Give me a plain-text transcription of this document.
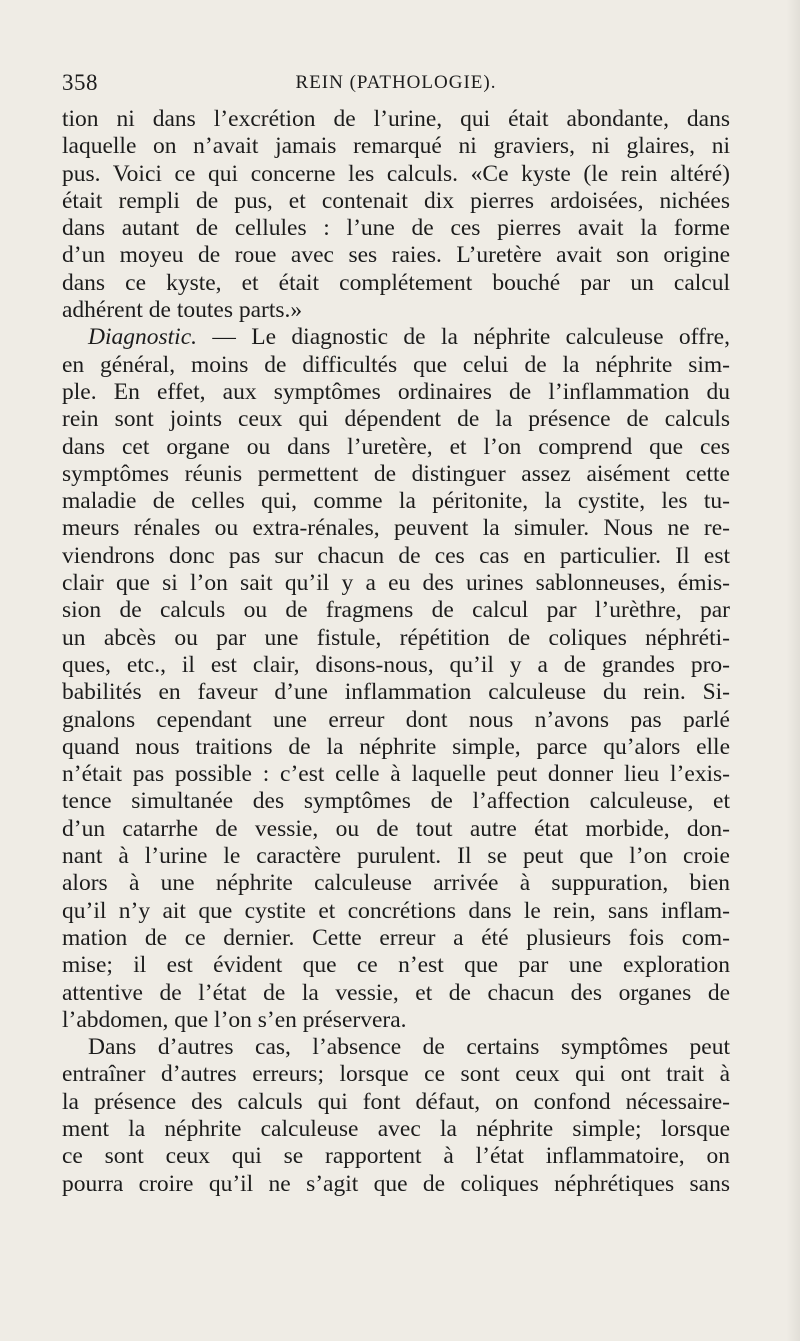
358	REIN (PATHOLOGIE).
tion ni dans l’excrétion de l’urine, qui était abondante, dans
laquelle on n’avait jamais remarqué ni graviers, ni glaires, ni
pus. Voici ce qui concerne les calculs. «Ce kyste (le rein altéré)
était rempli de pus, et contenait dix pierres ardoisées, nichées
dans autant de cellules : l’une de ces pierres avait la forme
d’un moyeu de roue avec ses raies. L’uretère avait son origine
dans ce kyste, et était complétement bouché par un calcul
adhérent de toutes parts.»
Diagnostic. — Le diagnostic de la néphrite calculeuse offre,
en général, moins de difficultés que celui de la néphrite sim-
ple. En effet, aux symptômes ordinaires de l’inflammation du
rein sont joints ceux qui dépendent de la présence de calculs
dans cet organe ou dans l’uretère, et l’on comprend que ces
symptômes réunis permettent de distinguer assez aisément cette
maladie de celles qui, comme la péritonite, la cystite, les tu-
meurs rénales ou extra-rénales, peuvent la simuler. Nous ne re-
viendrons donc pas sur chacun de ces cas en particulier. Il est
clair que si l’on sait qu’il y a eu des urines sablonneuses, émis-
sion de calculs ou de fragmens de calcul par l’urèthre, par
un abcès ou par une fistule, répétition de coliques néphréti-
ques, etc., il est clair, disons-nous, qu’il y a de grandes pro-
babilités en faveur d’une inflammation calculeuse du rein. Si-
gnalons cependant une erreur dont nous n’avons pas parlé
quand nous traitions de la néphrite simple, parce qu’alors elle
n’était pas possible : c’est celle à laquelle peut donner lieu l’exis-
tence simultanée des symptômes de l’affection calculeuse, et
d’un catarrhe de vessie, ou de tout autre état morbide, don-
nant à l’urine le caractère purulent. Il se peut que l’on croie
alors à une néphrite calculeuse arrivée à suppuration, bien
qu’il n’y ait que cystite et concrétions dans le rein, sans inflam-
mation de ce dernier. Cette erreur a été plusieurs fois com-
mise; il est évident que ce n’est que par une exploration
attentive de l’état de la vessie, et de chacun des organes de
l’abdomen, que l’on s’en préservera.
Dans d’autres cas, l’absence de certains symptômes peut
entraîner d’autres erreurs; lorsque ce sont ceux qui ont trait à
la présence des calculs qui font défaut, on confond nécessaire-
ment la néphrite calculeuse avec la néphrite simple; lorsque
ce sont ceux qui se rapportent à l’état inflammatoire, on
pourra croire qu’il ne s’agit que de coliques néphrétiques sans
